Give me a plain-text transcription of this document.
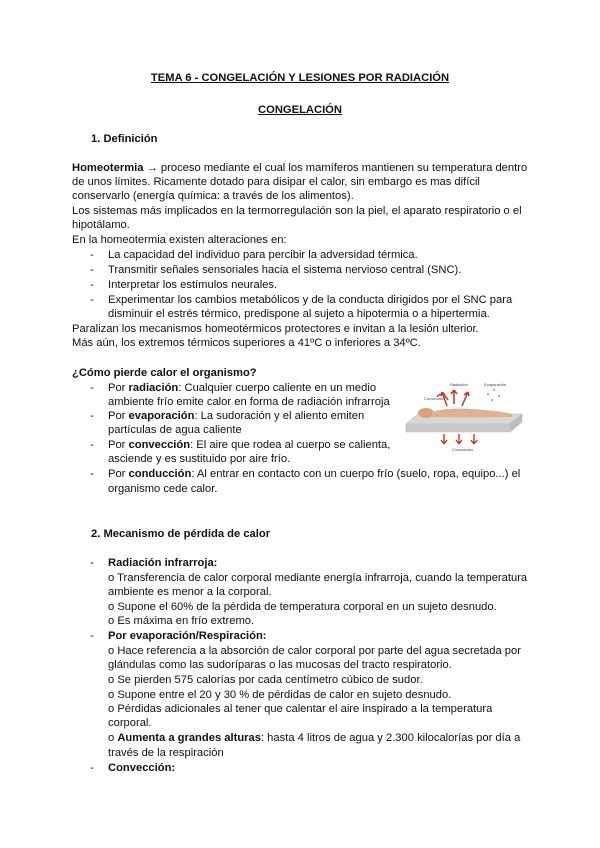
TEMA 6 - CONGELACIÓN Y LESIONES POR RADIACIÓN
CONGELACIÓN
1. Definición
Homeotermia → proceso mediante el cual los mamíferos mantienen su temperatura dentro
de unos límites. Ricamente dotado para disipar el calor, sin embargo es mas difícil
conservarlo (energía química: a través de los alimentos).
Los sistemas más implicados en la termorregulación son la piel, el aparato respiratorio o el
hipotálamo.
En la homeotermia existen alteraciones en:
- La capacidad del individuo para percibir la adversidad térmica.
- Transmitir señales sensoriales hacia el sistema nervioso central (SNC).
- Interpretar los estímulos neurales.
- Experimentar los cambios metabólicos y de la conducta dirigidos por el SNC para
disminuir el estrés térmico, predispone al sujeto a hipotermia o a hipertermia.
Paralizan los mecanismos homeotérmicos protectores e invitan a la lesión ulterior.
Más aún, los extremos térmicos superiores a 41ºC o inferiores a 34ºC.
¿Cómo pierde calor el organismo?
- Por radiación: Cualquier cuerpo caliente en un medio
ambiente frío emite calor en forma de radiación infrarroja
- Por evaporación: La sudoración y el aliento emiten
partículas de agua caliente
- Por convección: El aire que rodea al cuerpo se calienta,
asciende y es sustituido por aire frío.
- Por conducción: Al entrar en contacto con un cuerpo frío (suelo, ropa, equipo...) el
organismo cede calor.
Convección
Radiación	Evaporación
Conducción
2. Mecanismo de pérdida de calor
- Radiación infrarroja:
o Transferencia de calor corporal mediante energía infrarroja, cuando la temperatura
ambiente es menor a la corporal.
o Supone el 60% de la pérdida de temperatura corporal en un sujeto desnudo.
o Es máxima en frío extremo.
- Por evaporación/Respiración:
o Hace referencia a la absorción de calor corporal por parte del agua secretada por
glándulas como las sudoríparas o las mucosas del tracto respiratorio.
o Se pierden 575 calorías por cada centímetro cúbico de sudor.
o Supone entre el 20 y 30 % de pérdidas de calor en sujeto desnudo.
o Pérdidas adicionales al tener que calentar el aire inspirado a la temperatura
corporal.
o Aumenta a grandes alturas: hasta 4 litros de agua y 2.300 kilocalorías por día a
través de la respiración
- Convección:
